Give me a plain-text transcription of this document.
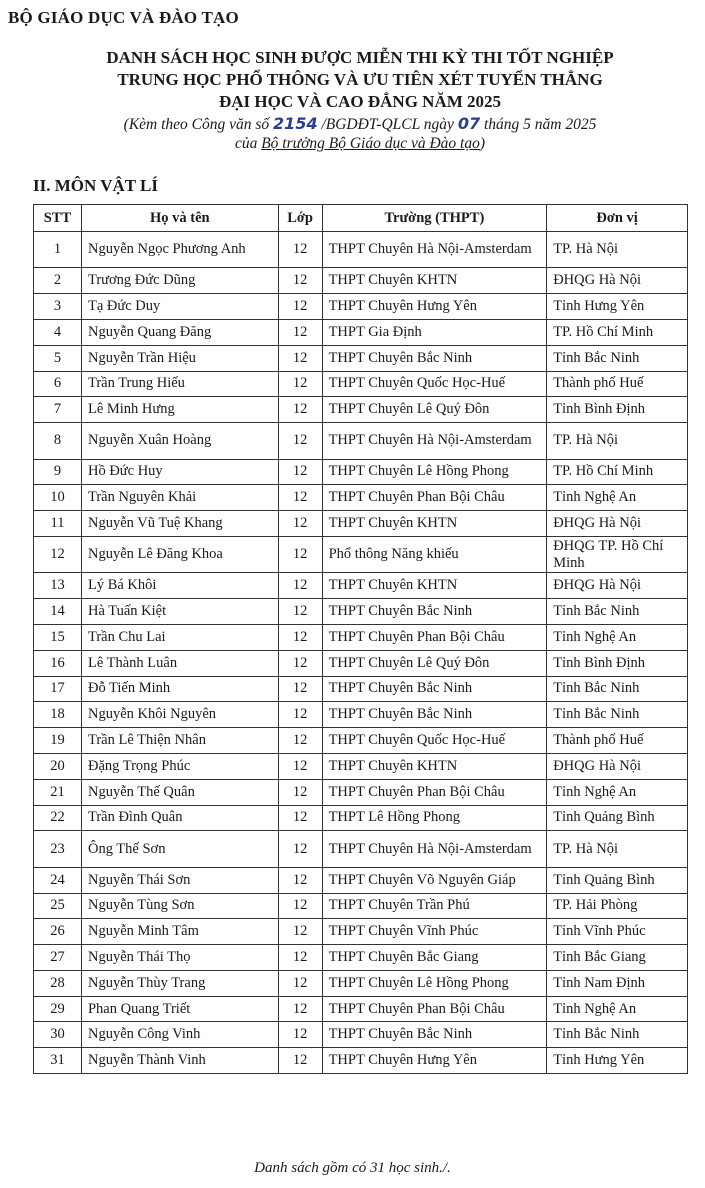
BỘ GIÁO DỤC VÀ ĐÀO TẠO
DANH SÁCH HỌC SINH ĐƯỢC MIỄN THI KỲ THI TỐT NGHIỆP
TRUNG HỌC PHỔ THÔNG VÀ ƯU TIÊN XÉT TUYỂN THẲNG
ĐẠI HỌC VÀ CAO ĐẲNG NĂM 2025
(Kèm theo Công văn số 2154 /BGDĐT-QLCL ngày 07 tháng 5 năm 2025
của Bộ trưởng Bộ Giáo dục và Đào tạo)
II. MÔN VẬT LÍ
STT	Họ và tên	Lớp	Trường (THPT)	Đơn vị
1	Nguyễn Ngọc Phương Anh	12	THPT Chuyên Hà Nội-Amsterdam	TP. Hà Nội
2	Trương Đức Dũng	12	THPT Chuyên KHTN	ĐHQG Hà Nội
3	Tạ Đức Duy	12	THPT Chuyên Hưng Yên	Tỉnh Hưng Yên
4	Nguyễn Quang Đăng	12	THPT Gia Định	TP. Hồ Chí Minh
5	Nguyễn Trần Hiệu	12	THPT Chuyên Bắc Ninh	Tỉnh Bắc Ninh
6	Trần Trung Hiếu	12	THPT Chuyên Quốc Học-Huế	Thành phố Huế
7	Lê Minh Hưng	12	THPT Chuyên Lê Quý Đôn	Tỉnh Bình Định
8	Nguyễn Xuân Hoàng	12	THPT Chuyên Hà Nội-Amsterdam	TP. Hà Nội
9	Hồ Đức Huy	12	THPT Chuyên Lê Hồng Phong	TP. Hồ Chí Minh
10	Trần Nguyên Khải	12	THPT Chuyên Phan Bội Châu	Tỉnh Nghệ An
11	Nguyễn Vũ Tuệ Khang	12	THPT Chuyên KHTN	ĐHQG Hà Nội
12	Nguyễn Lê Đăng Khoa	12	Phổ thông Năng khiếu	ĐHQG TP. Hồ Chí Minh
13	Lý Bá Khôi	12	THPT Chuyên KHTN	ĐHQG Hà Nội
14	Hà Tuấn Kiệt	12	THPT Chuyên Bắc Ninh	Tỉnh Bắc Ninh
15	Trần Chu Lai	12	THPT Chuyên Phan Bội Châu	Tỉnh Nghệ An
16	Lê Thành Luân	12	THPT Chuyên Lê Quý Đôn	Tỉnh Bình Định
17	Đỗ Tiến Minh	12	THPT Chuyên Bắc Ninh	Tỉnh Bắc Ninh
18	Nguyễn Khôi Nguyên	12	THPT Chuyên Bắc Ninh	Tỉnh Bắc Ninh
19	Trần Lê Thiện Nhân	12	THPT Chuyên Quốc Học-Huế	Thành phố Huế
20	Đặng Trọng Phúc	12	THPT Chuyên KHTN	ĐHQG Hà Nội
21	Nguyễn Thế Quân	12	THPT Chuyên Phan Bội Châu	Tỉnh Nghệ An
22	Trần Đình Quân	12	THPT Lê Hồng Phong	Tỉnh Quảng Bình
23	Ông Thế Sơn	12	THPT Chuyên Hà Nội-Amsterdam	TP. Hà Nội
24	Nguyễn Thái Sơn	12	THPT Chuyên Võ Nguyên Giáp	Tỉnh Quảng Bình
25	Nguyễn Tùng Sơn	12	THPT Chuyên Trần Phú	TP. Hải Phòng
26	Nguyễn Minh Tâm	12	THPT Chuyên Vĩnh Phúc	Tỉnh Vĩnh Phúc
27	Nguyễn Thái Thọ	12	THPT Chuyên Bắc Giang	Tỉnh Bắc Giang
28	Nguyễn Thùy Trang	12	THPT Chuyên Lê Hồng Phong	Tỉnh Nam Định
29	Phan Quang Triết	12	THPT Chuyên Phan Bội Châu	Tỉnh Nghệ An
30	Nguyễn Công Vinh	12	THPT Chuyên Bắc Ninh	Tỉnh Bắc Ninh
31	Nguyễn Thành Vinh	12	THPT Chuyên Hưng Yên	Tỉnh Hưng Yên
Danh sách gồm có 31 học sinh./.
